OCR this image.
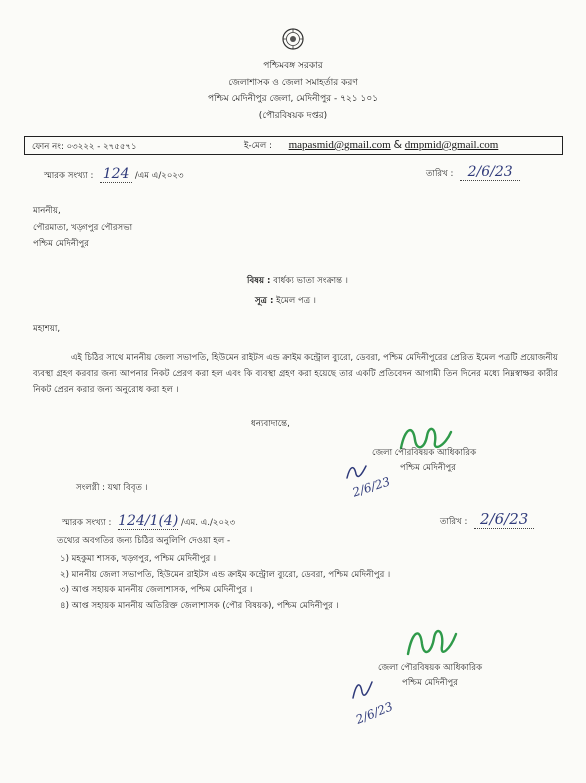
পশ্চিমবঙ্গ সরকার
জেলাশাসক ও জেলা সমাহর্তার করণ
পশ্চিম মেদিনীপুর জেলা, মেদিনীপুর - ৭২১ ১০১
(পৌরবিষয়ক দপ্তর)
ফোন নং: ০৩২২২ - ২৭৫৫৭১	ই-মেল : mapasmid@gmail.com & dmpmid@gmail.com
স্মারক সংখ্যা : 124 /এম এ/২০২৩	তারিখ : 2/6/23
মাননীয়,
পৌরমাতা, খড়্গপুর পৌরসভা
পশ্চিম মেদিনীপুর
বিষয় : বার্ধক্য ভাতা সংক্রান্ত ।
সূত্র : ইমেল পত্র ।
মহাশয়া,
এই চিঠির সাথে মাননীয় জেলা সভাপতি, হিউমেন রাইটস এন্ড ক্রাইম কন্ট্রোল ব্যুরো, ডেবরা, পশ্চিম মেদিনীপুরের প্রেরিত ইমেল পত্রটি প্রয়োজনীয় ব্যবস্থা গ্রহণ করবার জন্য আপনার নিকট প্রেরণ করা হল এবং কি ব্যবস্থা গ্রহণ করা হয়েছে তার একটি প্রতিবেদন আগামী তিন দিনের মধ্যে নিম্নস্বাক্ষর কারীর নিকট প্রেরন করার জন্য অনুরোধ করা হল ।
ধন্যবাদান্তে,
জেলা পৌরবিষয়ক আধিকারিক
পশ্চিম মেদিনীপুর
2/6/23
সংলগ্নী : যথা বিবৃত ।
স্মারক সংখ্যা : 124/1(4) /এম. এ./২০২৩	তারিখ : 2/6/23
তথ্যের অবগতির জন্য চিঠির অনুলিপি দেওয়া হল -
১) মহকুমা শাসক, খড়্গপুর, পশ্চিম মেদিনীপুর ।
২) মাননীয় জেলা সভাপতি, হিউমেন রাইটস এন্ড ক্রাইম কন্ট্রোল ব্যুরো, ডেবরা, পশ্চিম মেদিনীপুর ।
৩) আপ্ত সহায়ক মাননীয় জেলাশাসক, পশ্চিম মেদিনীপুর ।
৪) আপ্ত সহায়ক মাননীয় অতিরিক্ত জেলাশাসক (পৌর বিষয়ক), পশ্চিম মেদিনীপুর ।
জেলা পৌরবিষয়ক আধিকারিক
পশ্চিম মেদিনীপুর
2/6/23
